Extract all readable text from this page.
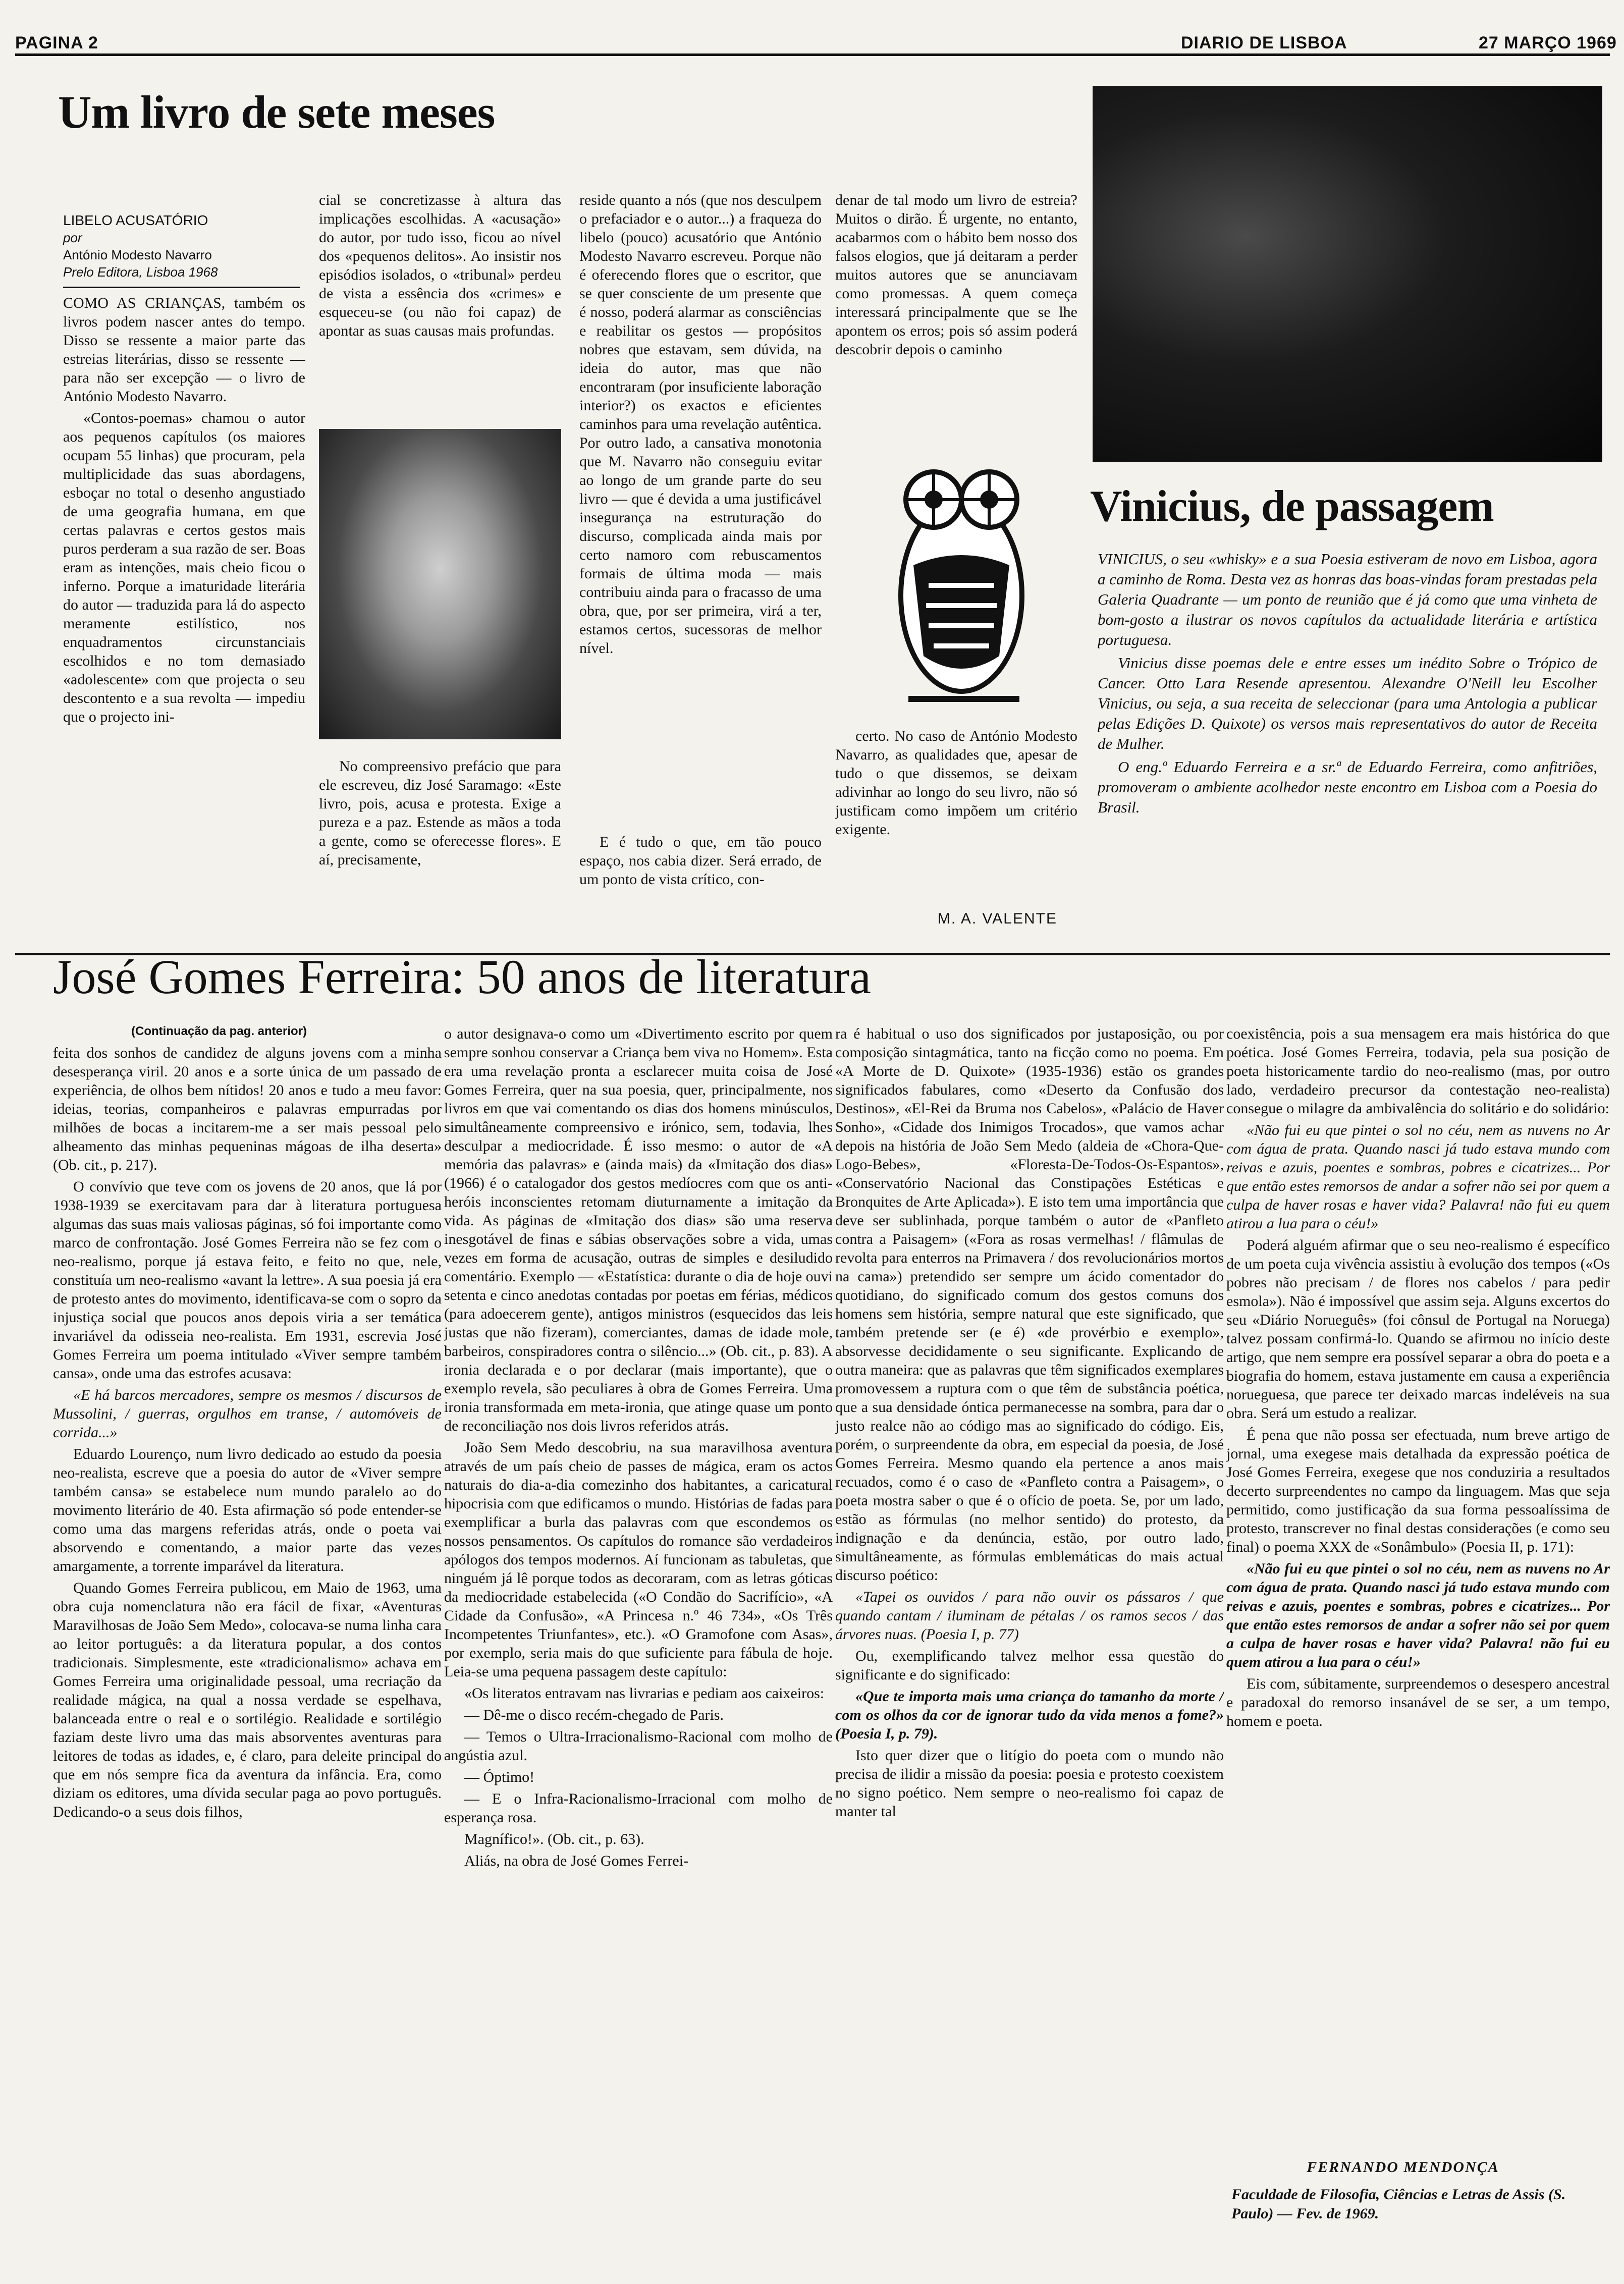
PAGINA 2	DIARIO DE LISBOA	27 MARÇO 1969
Um livro de sete meses
LIBELO ACUSATÓRIO
por
António Modesto Navarro
Prelo Editora, Lisboa 1968

COMO AS CRIANÇAS, também os livros podem nascer antes do tempo. Disso se ressente a maior parte das estreias literárias, disso se ressente — para não ser excepção — o livro de António Modesto Navarro.

«Contos-poemas» chamou o autor aos pequenos capítulos (os maiores ocupam 55 linhas) que procuram, pela multiplicidade das suas abordagens, esboçar no total o desenho angustiado de uma geografia humana, em que certas palavras e certos gestos mais puros perderam a sua razão de ser. Boas eram as intenções, mais cheio ficou o inferno. Porque a imaturidade literária do autor — traduzida para lá do aspecto meramente estilístico, nos enquadramentos circunstanciais escolhidos e no tom demasiado «adolescente» com que projecta o seu descontento e a sua revolta — impediu que o projecto ini-

cial se concretizasse à altura das implicações escolhidas. A «acusação» do autor, por tudo isso, ficou ao nível dos «pequenos delitos». Ao insistir nos episódios isolados, o «tribunal» perdeu de vista a essência dos «crimes» e esqueceu-se (ou não foi capaz) de apontar as suas causas mais profundas.

No compreensivo prefácio que para ele escreveu, diz José Saramago: «Este livro, pois, acusa e protesta. Exige a pureza e a paz. Estende as mãos a toda a gente, como se oferecesse flores». E aí, precisamente,

reside quanto a nós (que nos desculpem o prefaciador e o autor...) a fraqueza do libelo (pouco) acusatório que António Modesto Navarro escreveu. Porque não é oferecendo flores que o escritor, que se quer consciente de um presente que é nosso, poderá alarmar as consciências e reabilitar os gestos — propósitos nobres que estavam, sem dúvida, na ideia do autor, mas que não encontraram (por insuficiente laboração interior?) os exactos e eficientes caminhos para uma revelação autêntica. Por outro lado, a cansativa monotonia que M. Navarro não conseguiu evitar ao longo de um grande parte do seu livro — que é devida a uma justificável insegurança na estruturação do discurso, complicada ainda mais por certo namoro com rebuscamentos formais de última moda — mais contribuiu ainda para o fracasso de uma obra, que, por ser primeira, virá a ter, estamos certos, sucessoras de melhor nível.

E é tudo o que, em tão pouco espaço, nos cabia dizer. Será errado, de um ponto de vista crítico, con-

denar de tal modo um livro de estreia? Muitos o dirão. É urgente, no entanto, acabarmos com o hábito bem nosso dos falsos elogios, que já deitaram a perder muitos autores que se anunciavam como promessas. A quem começa interessará principalmente que se lhe apontem os erros; pois só assim poderá descobrir depois o caminho

certo. No caso de António Modesto Navarro, as qualidades que, apesar de tudo o que dissemos, se deixam adivinhar ao longo do seu livro, não só justificam como impõem um critério exigente.

M. A. VALENTE
Vinicius, de passagem

VINICIUS, o seu «whisky» e a sua Poesia estiveram de novo em Lisboa, agora a caminho de Roma. Desta vez as honras das boas-vindas foram prestadas pela Galeria Quadrante — um ponto de reunião que é já como que uma vinheta de bom-gosto a ilustrar os novos capítulos da actualidade literária e artística portuguesa.

Vinicius disse poemas dele e entre esses um inédito Sobre o Trópico de Cancer. Otto Lara Resende apresentou. Alexandre O'Neill leu Escolher Vinicius, ou seja, a sua receita de seleccionar (para uma Antologia a publicar pelas Edições D. Quixote) os versos mais representativos do autor de Receita de Mulher.

O eng.º Eduardo Ferreira e a sr.ª de Eduardo Ferreira, como anfitriões, promoveram o ambiente acolhedor neste encontro em Lisboa com a Poesia do Brasil.

José Gomes Ferreira: 50 anos de literatura
(Continuação da pag. anterior)

feita dos sonhos de candidez de alguns jovens com a minha desesperança viril. 20 anos e a sorte única de um passado de experiência, de olhos bem nítidos! 20 anos e tudo a meu favor: ideias, teorias, companheiros e palavras empurradas por milhões de bocas a incitarem-me a ser mais pessoal pelo alheamento das minhas pequeninas mágoas de ilha deserta» (Ob. cit., p. 217).

O convívio que teve com os jovens de 20 anos, que lá por 1938-1939 se exercitavam para dar à literatura portuguesa algumas das suas mais valiosas páginas, só foi importante como marco de confrontação. José Gomes Ferreira não se fez com o neo-realismo, porque já estava feito, e feito no que, nele, constituía um neo-realismo «avant la lettre». A sua poesia já era de protesto antes do movimento, identificava-se com o sopro da injustiça social que poucos anos depois viria a ser temática invariável da odisseia neo-realista. Em 1931, escrevia José Gomes Ferreira um poema intitulado «Viver sempre também cansa», onde uma das estrofes acusava:

«E há barcos mercadores, sempre os mesmos / discursos de Mussolini, / guerras, orgulhos em transe, / automóveis de corrida...»

Eduardo Lourenço, num livro dedicado ao estudo da poesia neo-realista, escreve que a poesia do autor de «Viver sempre também cansa» se estabelece num mundo paralelo ao do movimento literário de 40. Esta afirmação só pode entender-se como uma das margens referidas atrás, onde o poeta vai absorvendo e comentando, a maior parte das vezes amargamente, a torrente imparável da literatura.

Quando Gomes Ferreira publicou, em Maio de 1963, uma obra cuja nomenclatura não era fácil de fixar, «Aventuras Maravilhosas de João Sem Medo», colocava-se numa linha cara ao leitor português: a da literatura popular, a dos contos tradicionais. Simplesmente, este «tradicionalismo» achava em Gomes Ferreira uma originalidade pessoal, uma recriação da realidade mágica, na qual a nossa verdade se espelhava, balanceada entre o real e o sortilégio. Realidade e sortilégio faziam deste livro uma das mais absorventes aventuras para leitores de todas as idades, e, é claro, para deleite principal do que em nós sempre fica da aventura da infância. Era, como diziam os editores, uma dívida secular paga ao povo português. Dedicando-o a seus dois filhos,

o autor designava-o como um «Divertimento escrito por quem sempre sonhou conservar a Criança bem viva no Homem». Esta era uma revelação pronta a esclarecer muita coisa de José Gomes Ferreira, quer na sua poesia, quer, principalmente, nos livros em que vai comentando os dias dos homens minúsculos, simultâneamente compreensivo e irónico, sem, todavia, lhes desculpar a mediocridade. É isso mesmo: o autor de «A memória das palavras» e (ainda mais) da «Imitação dos dias» (1966) é o catalogador dos gestos medíocres com que os anti-heróis inconscientes retomam diuturnamente a imitação da vida. As páginas de «Imitação dos dias» são uma reserva inesgotável de finas e sábias observações sobre a vida, umas vezes em forma de acusação, outras de simples e desiludido comentário. Exemplo — «Estatística: durante o dia de hoje ouvi setenta e cinco anedotas contadas por poetas em férias, médicos (para adoecerem gente), antigos ministros (esquecidos das leis justas que não fizeram), comerciantes, damas de idade mole, barbeiros, conspiradores contra o silêncio...» (Ob. cit., p. 83). A ironia declarada e o por declarar (mais importante), que o exemplo revela, são peculiares à obra de Gomes Ferreira. Uma ironia transformada em meta-ironia, que atinge quase um ponto de reconciliação nos dois livros referidos atrás.

João Sem Medo descobriu, na sua maravilhosa aventura através de um país cheio de passes de mágica, eram os actos naturais do dia-a-dia comezinho dos habitantes, a caricatural hipocrisia com que edificamos o mundo. Histórias de fadas para exemplificar a burla das palavras com que escondemos os nossos pensamentos. Os capítulos do romance são verdadeiros apólogos dos tempos modernos. Aí funcionam as tabuletas, que ninguém já lê porque todos as decoraram, com as letras góticas da mediocridade estabelecida («O Condão do Sacrifício», «A Cidade da Confusão», «A Princesa n.º 46 734», «Os Três Incompetentes Triunfantes», etc.). «O Gramofone com Asas», por exemplo, seria mais do que suficiente para fábula de hoje. Leia-se uma pequena passagem deste capítulo:

«Os literatos entravam nas livrarias e pediam aos caixeiros:

— Dê-me o disco recém-chegado de Paris.

— Temos o Ultra-Irracionalismo-Racional com molho de angústia azul.

— Óptimo!

— E o Infra-Racionalismo-Irracional com molho de esperança rosa.

Magnífico!». (Ob. cit., p. 63).

Aliás, na obra de José Gomes Ferrei-

ra é habitual o uso dos significados por justaposição, ou por composição sintagmática, tanto na ficção como no poema. Em «A Morte de D. Quixote» (1935-1936) estão os grandes significados fabulares, como «Deserto da Confusão dos Destinos», «El-Rei da Bruma nos Cabelos», «Palácio de Haver Sonho», «Cidade dos Inimigos Trocados», que vamos achar depois na história de João Sem Medo (aldeia de «Chora-Que-Logo-Bebes», «Floresta-De-Todos-Os-Espantos», «Conservatório Nacional das Constipações Estéticas e Bronquites de Arte Aplicada»). E isto tem uma importância que deve ser sublinhada, porque também o autor de «Panfleto contra a Paisagem» («Fora as rosas vermelhas! / flâmulas de revolta para enterros na Primavera / dos revolucionários mortos na cama») pretendido ser sempre um ácido comentador do quotidiano, do significado comum dos gestos comuns dos homens sem história, sempre natural que este significado, que também pretende ser (e é) «de provérbio e exemplo», absorvesse decididamente o seu significante. Explicando de outra maneira: que as palavras que têm significados exemplares promovessem a ruptura com o que têm de substância poética, que a sua densidade óntica permanecesse na sombra, para dar o justo realce não ao código mas ao significado do código. Eis, porém, o surpreendente da obra, em especial da poesia, de José Gomes Ferreira. Mesmo quando ela pertence a anos mais recuados, como é o caso de «Panfleto contra a Paisagem», o poeta mostra saber o que é o ofício de poeta. Se, por um lado, estão as fórmulas (no melhor sentido) do protesto, da indignação e da denúncia, estão, por outro lado, simultâneamente, as fórmulas emblemáticas do mais actual discurso poético:

«Tapei os ouvidos / para não ouvir os pássaros / que quando cantam / iluminam de pétalas / os ramos secos / das árvores nuas. (Poesia I, p. 77)

Ou, exemplificando talvez melhor essa questão do significante e do significado:

«Que te importa mais uma criança do tamanho da morte / com os olhos da cor de ignorar tudo da vida menos a fome?» (Poesia I, p. 79).

Isto quer dizer que o litígio do poeta com o mundo não precisa de ilidir a missão da poesia: poesia e protesto coexistem no signo poético. Nem sempre o neo-realismo foi capaz de manter tal

coexistência, pois a sua mensagem era mais histórica do que poética. José Gomes Ferreira, todavia, pela sua posição de poeta historicamente tardio do neo-realismo (mas, por outro lado, verdadeiro precursor da contestação neo-realista) consegue o milagre da ambivalência do solitário e do solidário:

«Não fui eu que pintei o sol no céu, nem as nuvens no Ar com água de prata. Quando nasci já tudo estava mundo com reivas e azuis, poentes e sombras, pobres e cicatrizes... Por que então estes remorsos de andar a sofrer não sei por quem a culpa de haver rosas e haver vida? Palavra! não fui eu quem atirou a lua para o céu!»

Poderá alguém afirmar que o seu neo-realismo é específico de um poeta cuja vivência assistiu à evolução dos tempos («Os pobres não precisam / de flores nos cabelos / para pedir esmola»). Não é impossível que assim seja. Alguns excertos do seu «Diário Norueguês» (foi cônsul de Portugal na Noruega) talvez possam confirmá-lo. Quando se afirmou no início deste artigo, que nem sempre era possível separar a obra do poeta e a biografia do homem, estava justamente em causa a experiência norueguesa, que parece ter deixado marcas indeléveis na sua obra. Será um estudo a realizar.

É pena que não possa ser efectuada, num breve artigo de jornal, uma exegese mais detalhada da expressão poética de José Gomes Ferreira, exegese que nos conduziria a resultados decerto surpreendentes no campo da linguagem. Mas que seja permitido, como justificação da sua forma pessoalíssima de protesto, transcrever no final destas considerações (e como seu final) o poema XXX de «Sonâmbulo» (Poesia II, p. 171):

«Não fui eu que pintei o sol no céu, nem as nuvens no Ar com água de prata. Quando nasci já tudo estava mundo com reivas e azuis, poentes e sombras, pobres e cicatrizes... Por que então estes remorsos de andar a sofrer não sei por quem a culpa de haver rosas e haver vida? Palavra! não fui eu quem atirou a lua para o céu!»

Eis com, súbitamente, surpreendemos o desespero ancestral e paradoxal do remorso insanável de se ser, a um tempo, homem e poeta.

FERNANDO MENDONÇA
Faculdade de Filosofia, Ciências e Letras de Assis (S. Paulo) — Fev. de 1969.
